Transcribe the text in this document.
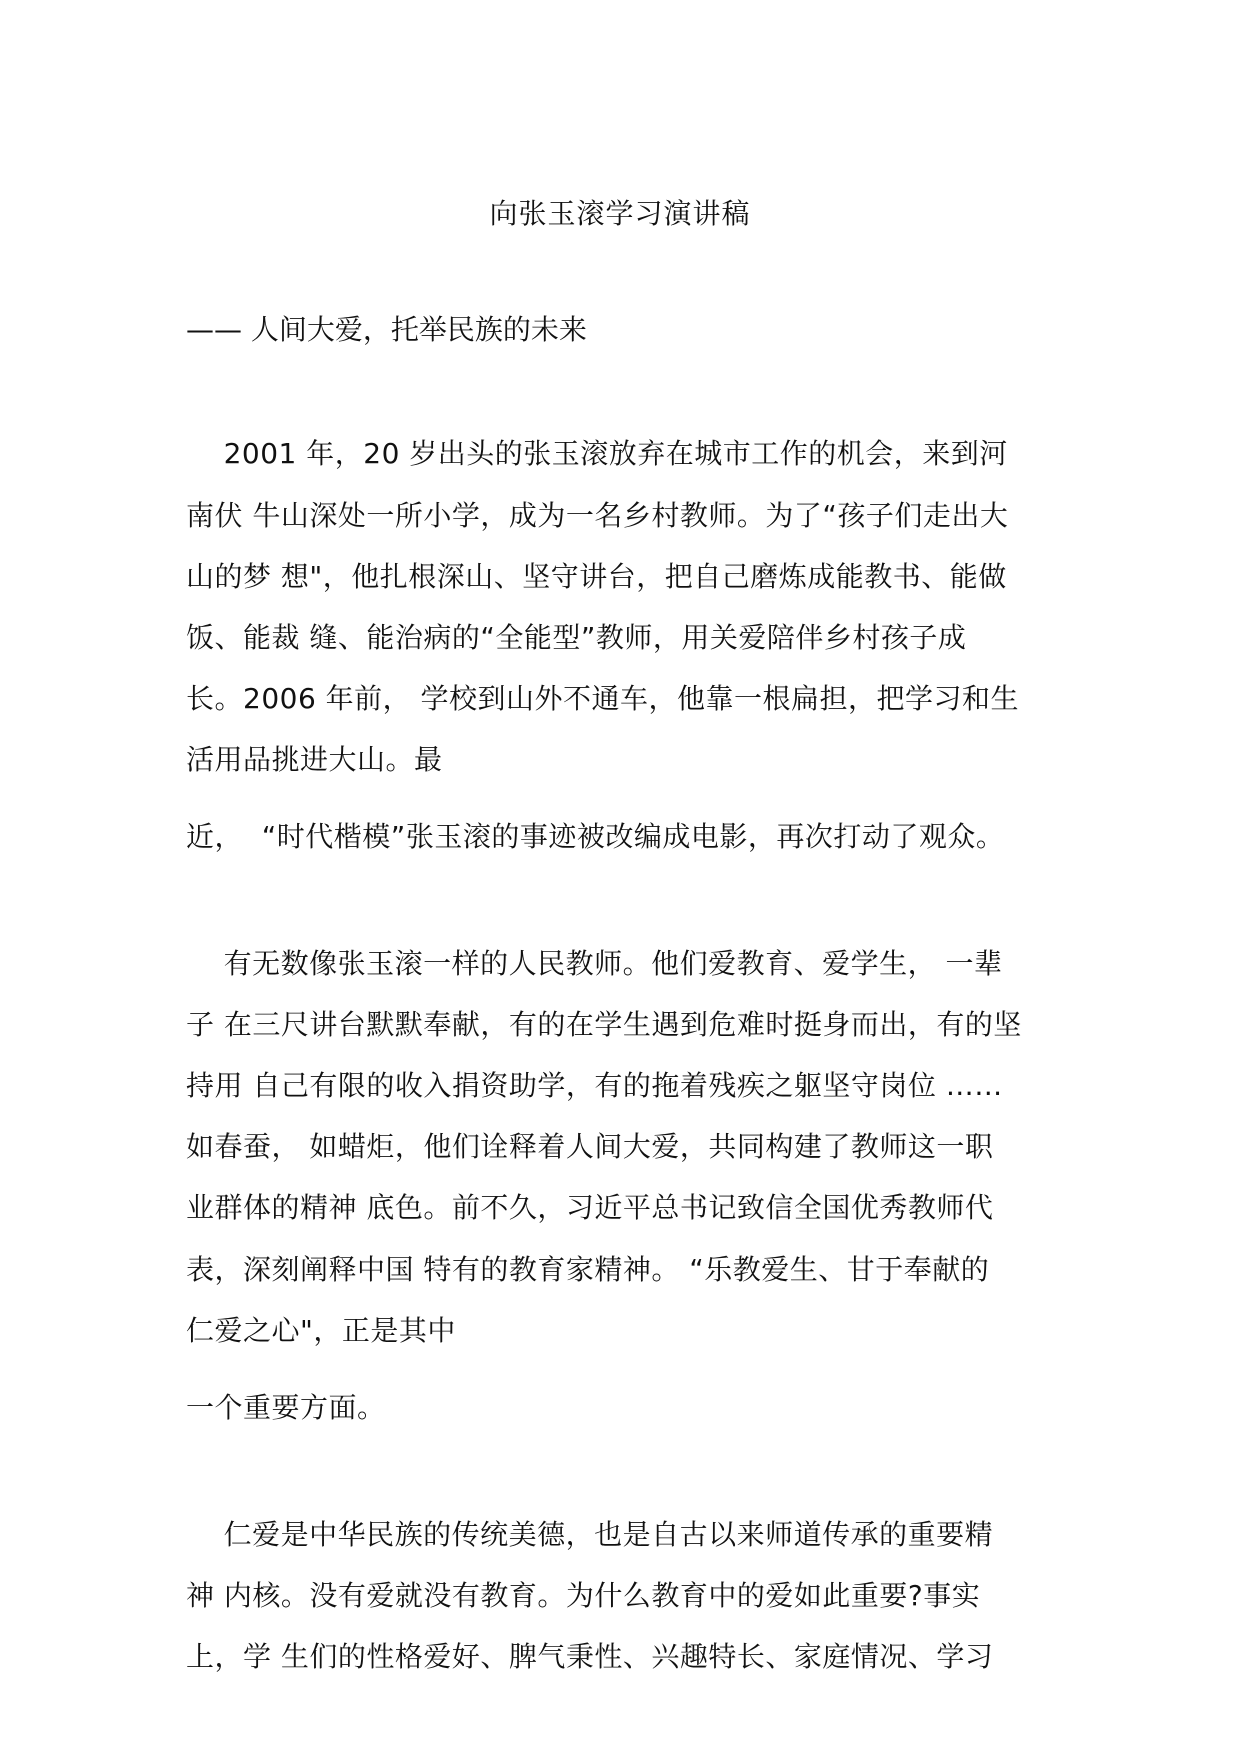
向张玉滚学习演讲稿
—— 人间大爱，托举民族的未来
2001 年，20 岁出头的张玉滚放弃在城市工作的机会，来到河
南伏 牛山深处一所小学，成为一名乡村教师。为了“孩子们走出大
山的梦 想"，他扎根深山、坚守讲台，把自己磨炼成能教书、能做
饭、能裁 缝、能治病的“全能型”教师，用关爱陪伴乡村孩子成
长。2006 年前， 学校到山外不通车，他靠一根扁担，把学习和生
活用品挑进大山。最
近，  “时代楷模”张玉滚的事迹被改编成电影，再次打动了观众。
有无数像张玉滚一样的人民教师。他们爱教育、爱学生， 一辈
子 在三尺讲台默默奉献，有的在学生遇到危难时挺身而出，有的坚
持用 自己有限的收入捐资助学，有的拖着残疾之躯坚守岗位 ……
如春蚕， 如蜡炬，他们诠释着人间大爱，共同构建了教师这一职
业群体的精神 底色。前不久，习近平总书记致信全国优秀教师代
表，深刻阐释中国 特有的教育家精神。 “乐教爱生、甘于奉献的
仁爱之心"，正是其中
一个重要方面。
仁爱是中华民族的传统美德，也是自古以来师道传承的重要精
神 内核。没有爱就没有教育。为什么教育中的爱如此重要?事实
上，学 生们的性格爱好、脾气秉性、兴趣特长、家庭情况、学习
